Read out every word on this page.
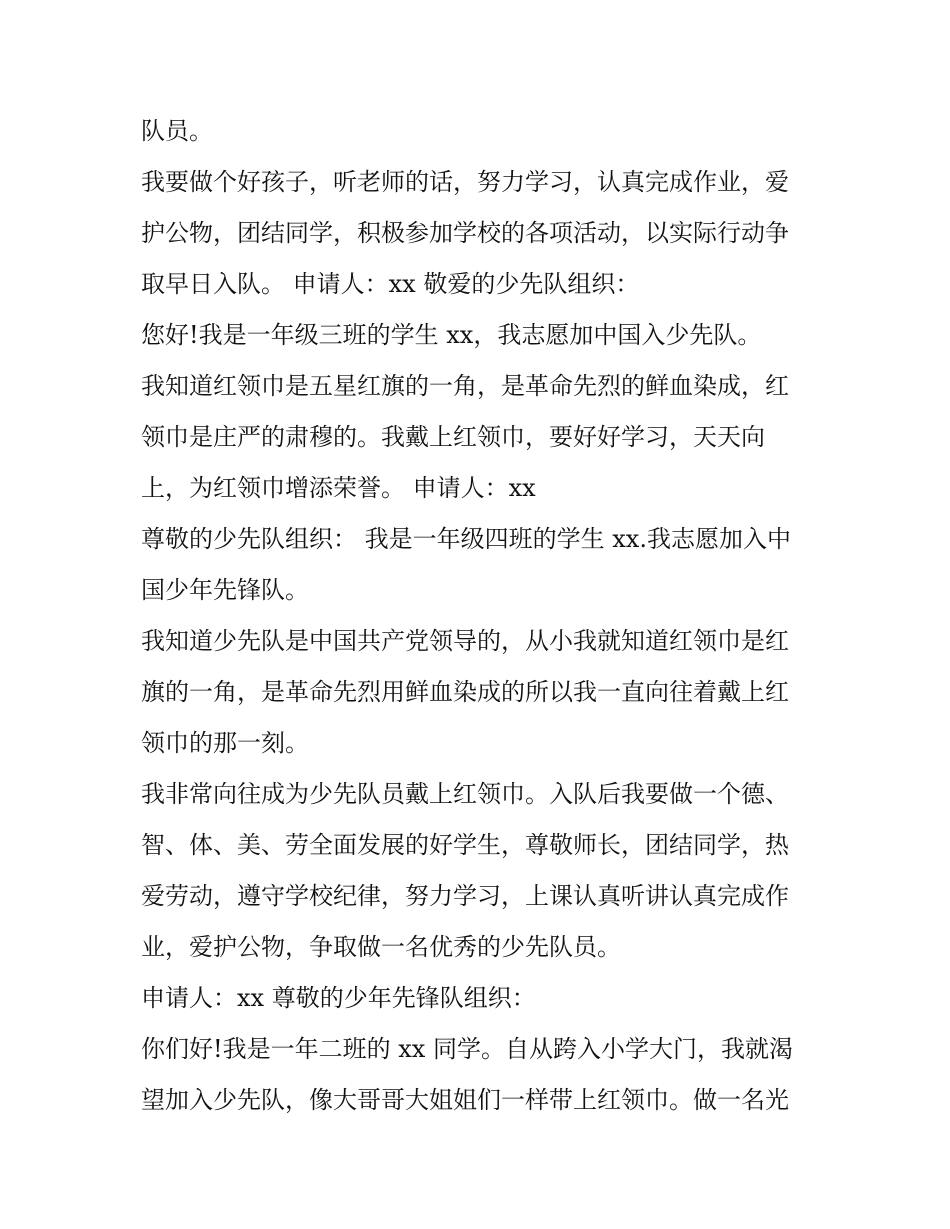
队员。
我要做个好孩子，听老师的话，努力学习，认真完成作业，爱
护公物，团结同学，积极参加学校的各项活动，以实际行动争
取早日入队。 申请人：xx 敬爱的少先队组织：
您好!我是一年级三班的学生 xx，我志愿加中国入少先队。
我知道红领巾是五星红旗的一角，是革命先烈的鲜血染成，红
领巾是庄严的肃穆的。我戴上红领巾，要好好学习，天天向
上，为红领巾增添荣誉。 申请人：xx
尊敬的少先队组织： 我是一年级四班的学生 xx.我志愿加入中
国少年先锋队。
我知道少先队是中国共产党领导的，从小我就知道红领巾是红
旗的一角，是革命先烈用鲜血染成的所以我一直向往着戴上红
领巾的那一刻。
我非常向往成为少先队员戴上红领巾。入队后我要做一个德、
智、体、美、劳全面发展的好学生，尊敬师长，团结同学，热
爱劳动，遵守学校纪律，努力学习，上课认真听讲认真完成作
业，爱护公物，争取做一名优秀的少先队员。
申请人：xx 尊敬的少年先锋队组织：
你们好!我是一年二班的 xx 同学。自从跨入小学大门，我就渴
望加入少先队，像大哥哥大姐姐们一样带上红领巾。做一名光
